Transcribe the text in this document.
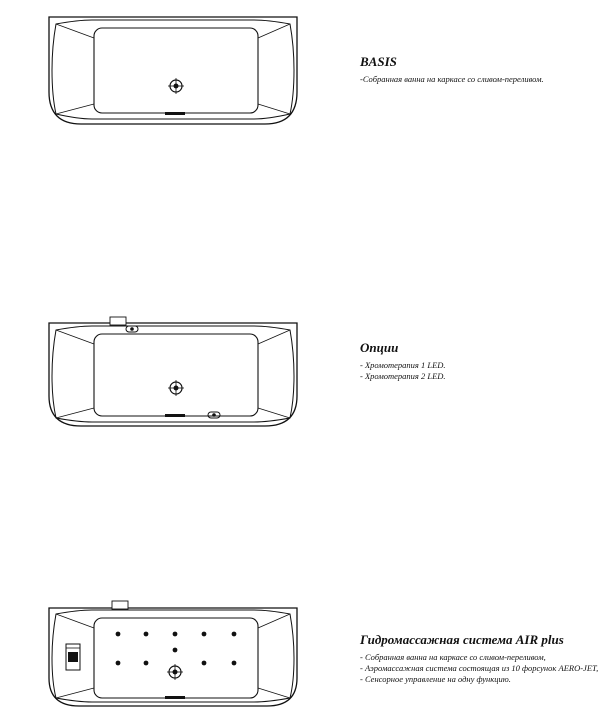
BASIS
-Собранная ванна на каркасе со сливом-переливом.
Опции
- Хромотерапия 1 LED.
- Хромотерапия 2 LED.
Гидромассажная система AIR plus
- Собранная ванна на каркасе со сливом-переливом,
- Аэромассажная система состоящая из 10 форсунок AERO-JET,
- Сенсорное управление на одну функцию.
